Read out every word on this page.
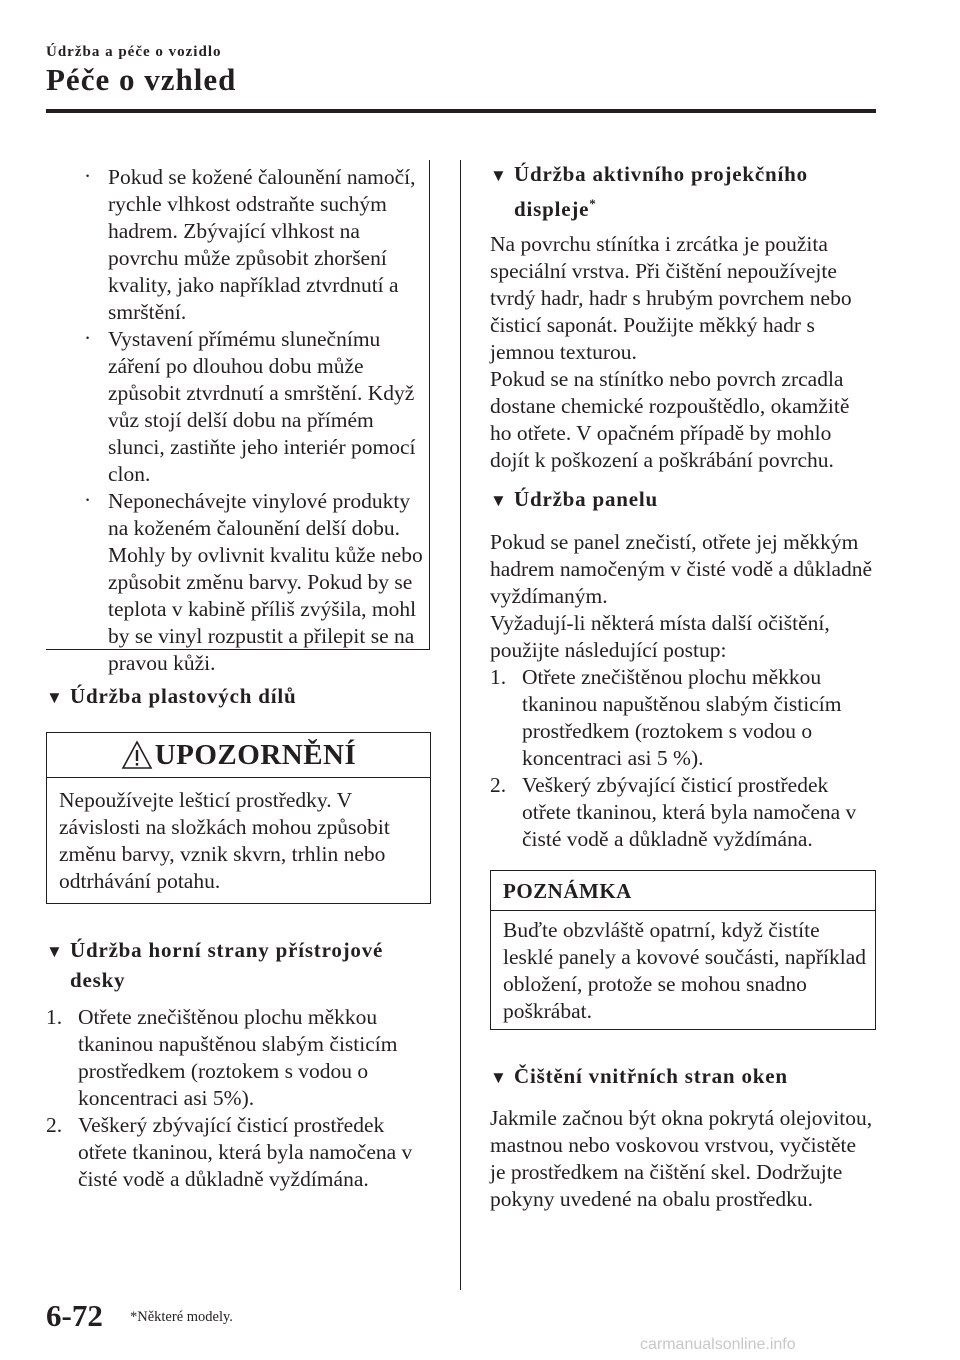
Údržba a péče o vozidlo
Péče o vzhled
· Pokud se kožené čalounění namočí, rychle vlhkost odstraňte suchým hadrem. Zbývající vlhkost na povrchu může způsobit zhoršení kvality, jako například ztvrdnutí a smrštění.
· Vystavení přímému slunečnímu záření po dlouhou dobu může způsobit ztvrdnutí a smrštění. Když vůz stojí delší dobu na přímém slunci, zastiňte jeho interiér pomocí clon.
· Neponechávejte vinylové produkty na koženém čalounění delší dobu. Mohly by ovlivnit kvalitu kůže nebo způsobit změnu barvy. Pokud by se teplota v kabině příliš zvýšila, mohl by se vinyl rozpustit a přilepit se na pravou kůži.
▼ Údržba plastových dílů
UPOZORNĚNÍ
Nepoužívejte lešticí prostředky. V závislosti na složkách mohou způsobit změnu barvy, vznik skvrn, trhlin nebo odtrhávání potahu.
▼ Údržba horní strany přístrojové
desky
1. Otřete znečištěnou plochu měkkou tkaninou napuštěnou slabým čisticím prostředkem (roztokem s vodou o koncentraci asi 5%).
2. Veškerý zbývající čisticí prostředek otřete tkaninou, která byla namočena v čisté vodě a důkladně vyždímána.
▼ Údržba aktivního projekčního
displeje*

Na povrchu stínítka i zrcátka je použita speciální vrstva. Při čištění nepoužívejte tvrdý hadr, hadr s hrubým povrchem nebo čisticí saponát. Použijte měkký hadr s jemnou texturou.

Pokud se na stínítko nebo povrch zrcadla dostane chemické rozpouštědlo, okamžitě ho otřete. V opačném případě by mohlo dojít k poškození a poškrábání povrchu.

▼ Údržba panelu

Pokud se panel znečistí, otřete jej měkkým hadrem namočeným v čisté vodě a důkladně vyždímaným.

Vyžadují-li některá místa další očištění, použijte následující postup:

1. Otřete znečištěnou plochu měkkou tkaninou napuštěnou slabým čisticím prostředkem (roztokem s vodou o koncentraci asi 5 %).
2. Veškerý zbývající čisticí prostředek otřete tkaninou, která byla namočena v čisté vodě a důkladně vyždímána.
POZNÁMKA
Buďte obzvláště opatrní, když čistíte lesklé panely a kovové součásti, například obložení, protože se mohou snadno poškrábat.
▼ Čištění vnitřních stran oken

Jakmile začnou být okna pokrytá olejovitou, mastnou nebo voskovou vrstvou, vyčistěte je prostředkem na čištění skel. Dodržujte pokyny uvedené na obalu prostředku.

6-72 *Některé modely.
carmanualsonline.info
